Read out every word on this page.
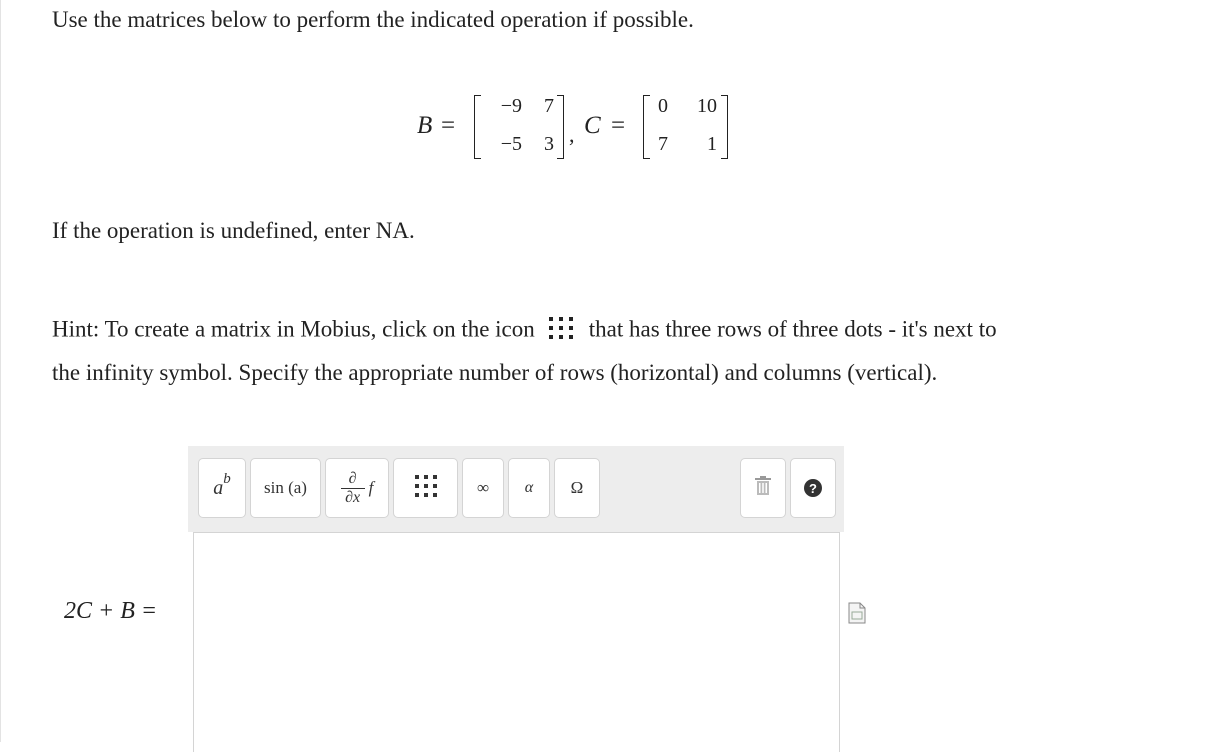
Use the matrices below to perform the indicated operation if possible.
B =
−9	7
−5	3 , C =
0	10
7	1
If the operation is undefined, enter NA.
Hint: To create a matrix in Mobius, click on the icon that has three rows of three dots - it's next to
the infinity symbol. Specify the appropriate number of rows (horizontal) and columns (vertical).
2C + B =
a b sin (a)	∂
∂x f	∞ α Ω	?
